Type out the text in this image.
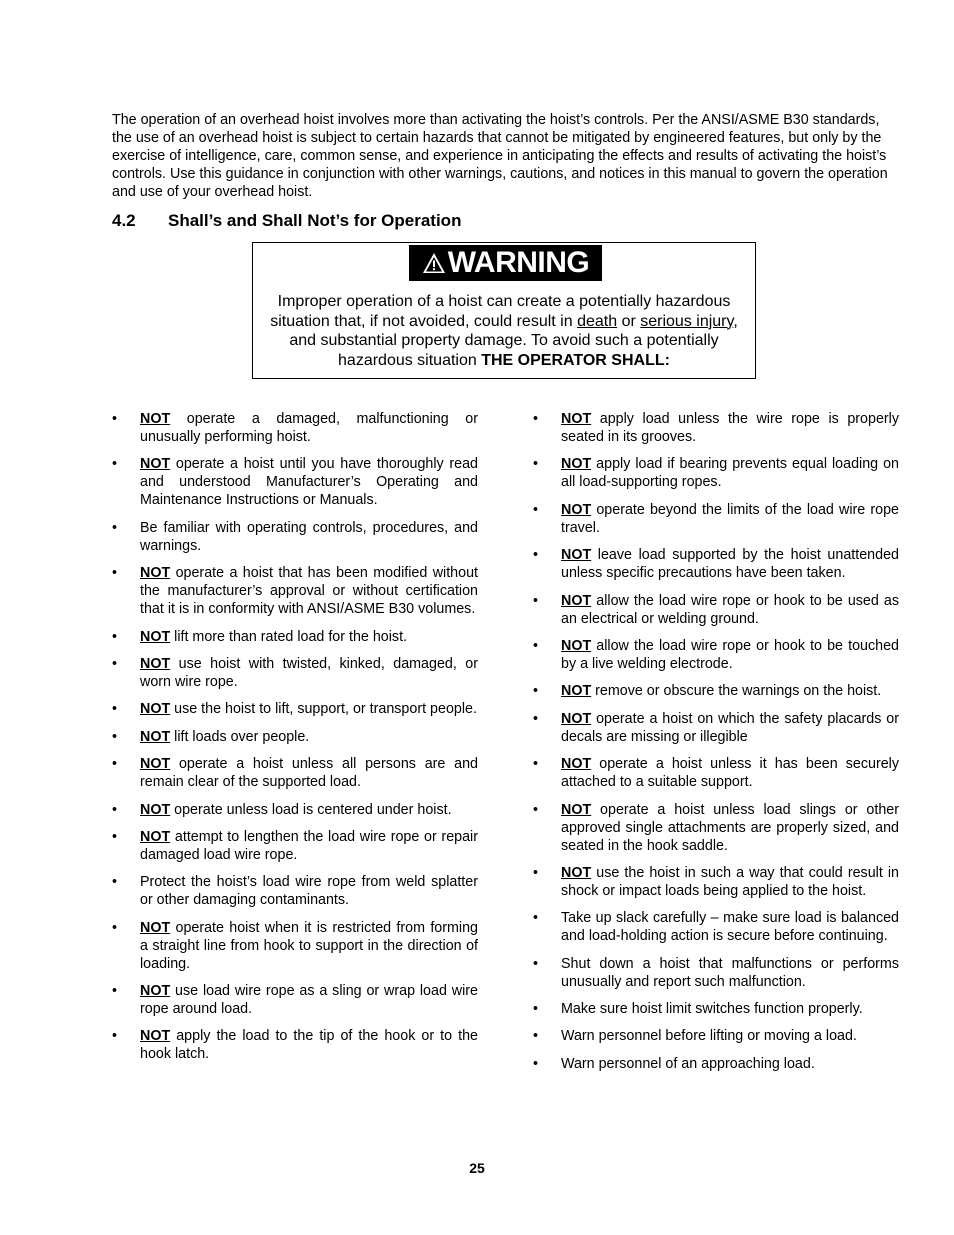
The operation of an overhead hoist involves more than activating the hoist’s controls. Per the ANSI/ASME B30 standards, the use of an overhead hoist is subject to certain hazards that cannot be mitigated by engineered features, but only by the exercise of intelligence, care, common sense, and experience in anticipating the effects and results of activating the hoist’s controls. Use this guidance in conjunction with other warnings, cautions, and notices in this manual to govern the operation and use of your overhead hoist.

4.2 Shall’s and Shall Not’s for Operation
WARNING

Improper operation of a hoist can create a potentially hazardous situation that, if not avoided, could result in death or serious injury, and substantial property damage. To avoid such a potentially hazardous situation THE OPERATOR SHALL:

•	NOT operate a damaged, malfunctioning or unusually performing hoist.
•	NOT operate a hoist until you have thoroughly read and understood Manufacturer’s Operating and Maintenance Instructions or Manuals.
•	Be familiar with operating controls, procedures, and warnings.
•	NOT operate a hoist that has been modified without the manufacturer’s approval or without certification that it is in conformity with ANSI/ASME B30 volumes.
•	NOT lift more than rated load for the hoist.
•	NOT use hoist with twisted, kinked, damaged, or worn wire rope.
•	NOT use the hoist to lift, support, or transport people.
•	NOT lift loads over people.
•	NOT operate a hoist unless all persons are and remain clear of the supported load.
•	NOT operate unless load is centered under hoist.
•	NOT attempt to lengthen the load wire rope or repair damaged load wire rope.
•	Protect the hoist’s load wire rope from weld splatter or other damaging contaminants.
•	NOT operate hoist when it is restricted from forming a straight line from hook to support in the direction of loading.
•	NOT use load wire rope as a sling or wrap load wire rope around load.
•	NOT apply the load to the tip of the hook or to the hook latch.
•	NOT apply load unless the wire rope is properly seated in its grooves.
•	NOT apply load if bearing prevents equal loading on all load-supporting ropes.
•	NOT operate beyond the limits of the load wire rope travel.
•	NOT leave load supported by the hoist unattended unless specific precautions have been taken.
•	NOT allow the load wire rope or hook to be used as an electrical or welding ground.
•	NOT allow the load wire rope or hook to be touched by a live welding electrode.
•	NOT remove or obscure the warnings on the hoist.
•	NOT operate a hoist on which the safety placards or decals are missing or illegible
•	NOT operate a hoist unless it has been securely attached to a suitable support.
•	NOT operate a hoist unless load slings or other approved single attachments are properly sized, and seated in the hook saddle.
•	NOT use the hoist in such a way that could result in shock or impact loads being applied to the hoist.
•	Take up slack carefully – make sure load is balanced and load-holding action is secure before continuing.
•	Shut down a hoist that malfunctions or performs unusually and report such malfunction.
•	Make sure hoist limit switches function properly.
•	Warn personnel before lifting or moving a load.
•	Warn personnel of an approaching load.
25
